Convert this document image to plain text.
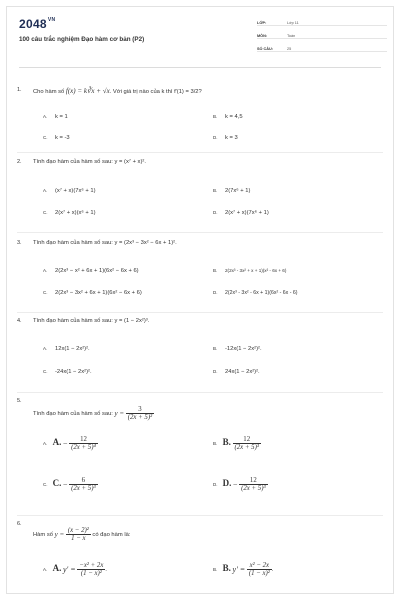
$2048^{VN}$
100 câu trắc nghiệm Đạo hàm cơ bản (P2)
LỚP:	Lớp 11
MÔN:	Toán
SỐ CÂU:	25
1. Cho hàm số f(x) = k∛x + √x. Với giá trị nào của k thì f'(1) = 3/2?
A. k = 1	B. k = 4,5
C. k = -3	D. k = 3
2. Tính đạo hàm của hàm số sau: y = (x⁷ + x)².
A. (x⁷ + x)(7x⁶ + 1)	B. 2(7x⁶ + 1)
C. 2(x⁷ + x)(x⁶ + 1)	D. 2(x⁷ + x)(7x⁶ + 1)
3. Tính đạo hàm của hàm số sau: y = (2x³ − 3x² − 6x + 1)².
A. 2(2x³ − x² + 6x + 1)(6x² − 6x + 6)	B. 2(2x³ - 3x² + x + 1)(x² - 6x + 6)
C. 2(2x³ − 3x² + 6x + 1)(6x² − 6x + 6)	D. 2(2x³ - 3x² - 6x + 1)(6x² - 6x - 6)
4. Tính đạo hàm của hàm số sau: y = (1 − 2x²)³.
A. 12x(1 − 2x²)².	B. -12x(1 − 2x²)².
C. -24x(1 − 2x²)².	D. 24x(1 − 2x²)².
5.
Tính đạo hàm của hàm số sau: $y = \frac{3}{\text{(2x + 5)²}}$
A. A. − $\frac{12}{\text{(2x + 5)⁴}}$	B. B. $\frac{12}{\text{(2x + 5)³}}$
C. C. − $\frac{6}{\text{(2x + 5)³}}$	D. D. − $\frac{12}{\text{(2x + 5)³}}$
6.
Hàm số $y = \frac{\text{(x − 2)²}}{1 - x}$ có đạo hàm là:
A. A. $y' = \frac{\text{−x² + 2x}}{\text{(1 − x)²}}$ .	B. B. $y' = \frac{\text{x² − 2x}}{\text{(1 − x)²}}$ .
